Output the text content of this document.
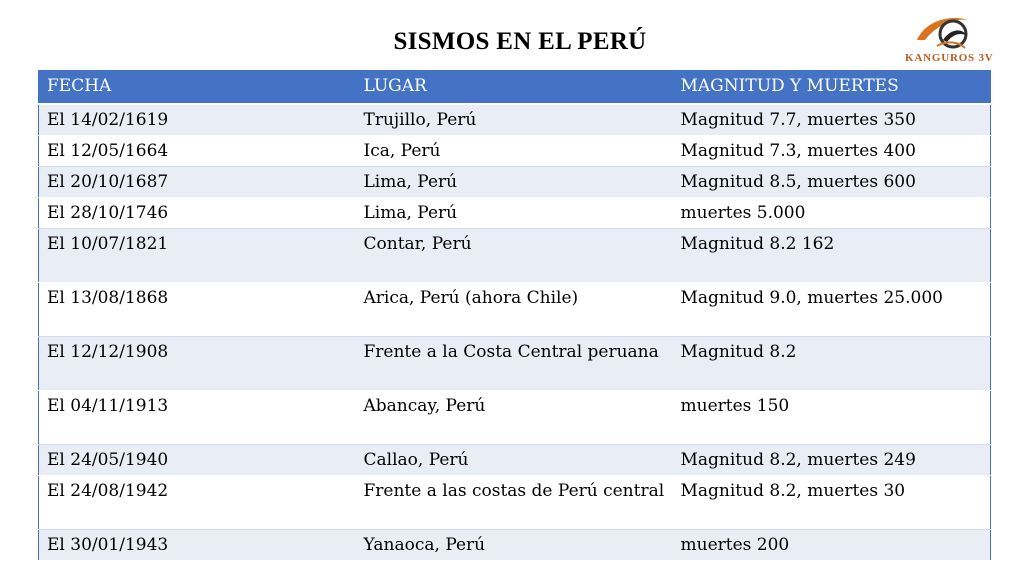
SISMOS EN EL PERÚ
KANGUROS 3V
FECHA	LUGAR	MAGNITUD Y MUERTES
El 14/02/1619	Trujillo, Perú	Magnitud 7.7, muertes 350
El 12/05/1664	Ica, Perú	Magnitud 7.3, muertes 400
El 20/10/1687	Lima, Perú	Magnitud 8.5, muertes 600
El 28/10/1746	Lima, Perú	muertes 5.000
El 10/07/1821	Contar, Perú	Magnitud 8.2 162
El 13/08/1868	Arica, Perú (ahora Chile)	Magnitud 9.0, muertes 25.000
El 12/12/1908	Frente a la Costa Central peruana	Magnitud 8.2
El 04/11/1913	Abancay, Perú	muertes 150
El 24/05/1940	Callao, Perú	Magnitud 8.2, muertes 249
El 24/08/1942	Frente a las costas de Perú central	Magnitud 8.2, muertes 30
El 30/01/1943	Yanaoca, Perú	muertes 200
